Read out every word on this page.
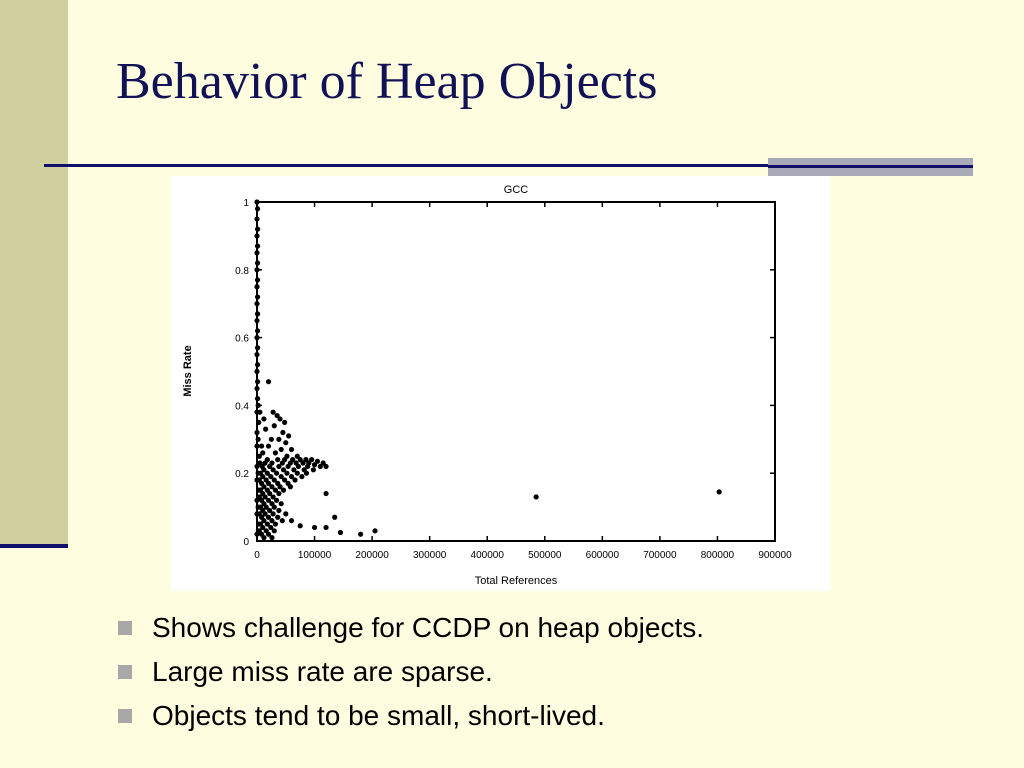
Behavior of Heap Objects
0	100000 200000 300000 400000 500000 600000 700000 800000 900000
0
0.2
0.4
0.6
0.8
1
GCC
Total References
Miss Rate
Shows challenge for CCDP on heap objects.
Large miss rate are sparse.
Objects tend to be small, short-lived.
